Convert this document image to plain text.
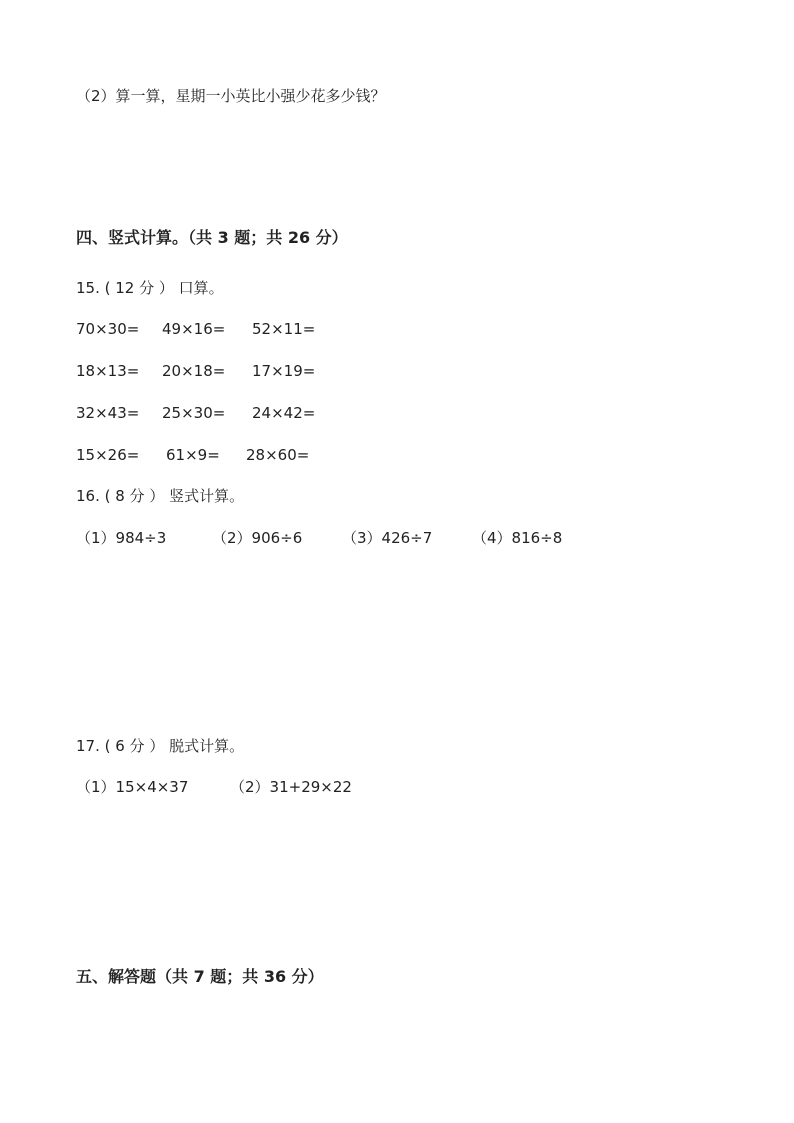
（2）算一算，星期一小英比小强少花多少钱？
四、竖式计算。（共 3 题；共 26 分）
15. ( 12 分 ） 口算。
70×30= 49×16= 52×11=
18×13= 20×18= 17×19=
32×43= 25×30= 24×42=
15×26= 61×9= 28×60=
16. ( 8 分 ） 竖式计算。
（1）984÷3	（2）906÷6	（3）426÷7	（4）816÷8
17. ( 6 分 ） 脱式计算。
（1）15×4×37	（2）31+29×22
五、解答题（共 7 题；共 36 分）
